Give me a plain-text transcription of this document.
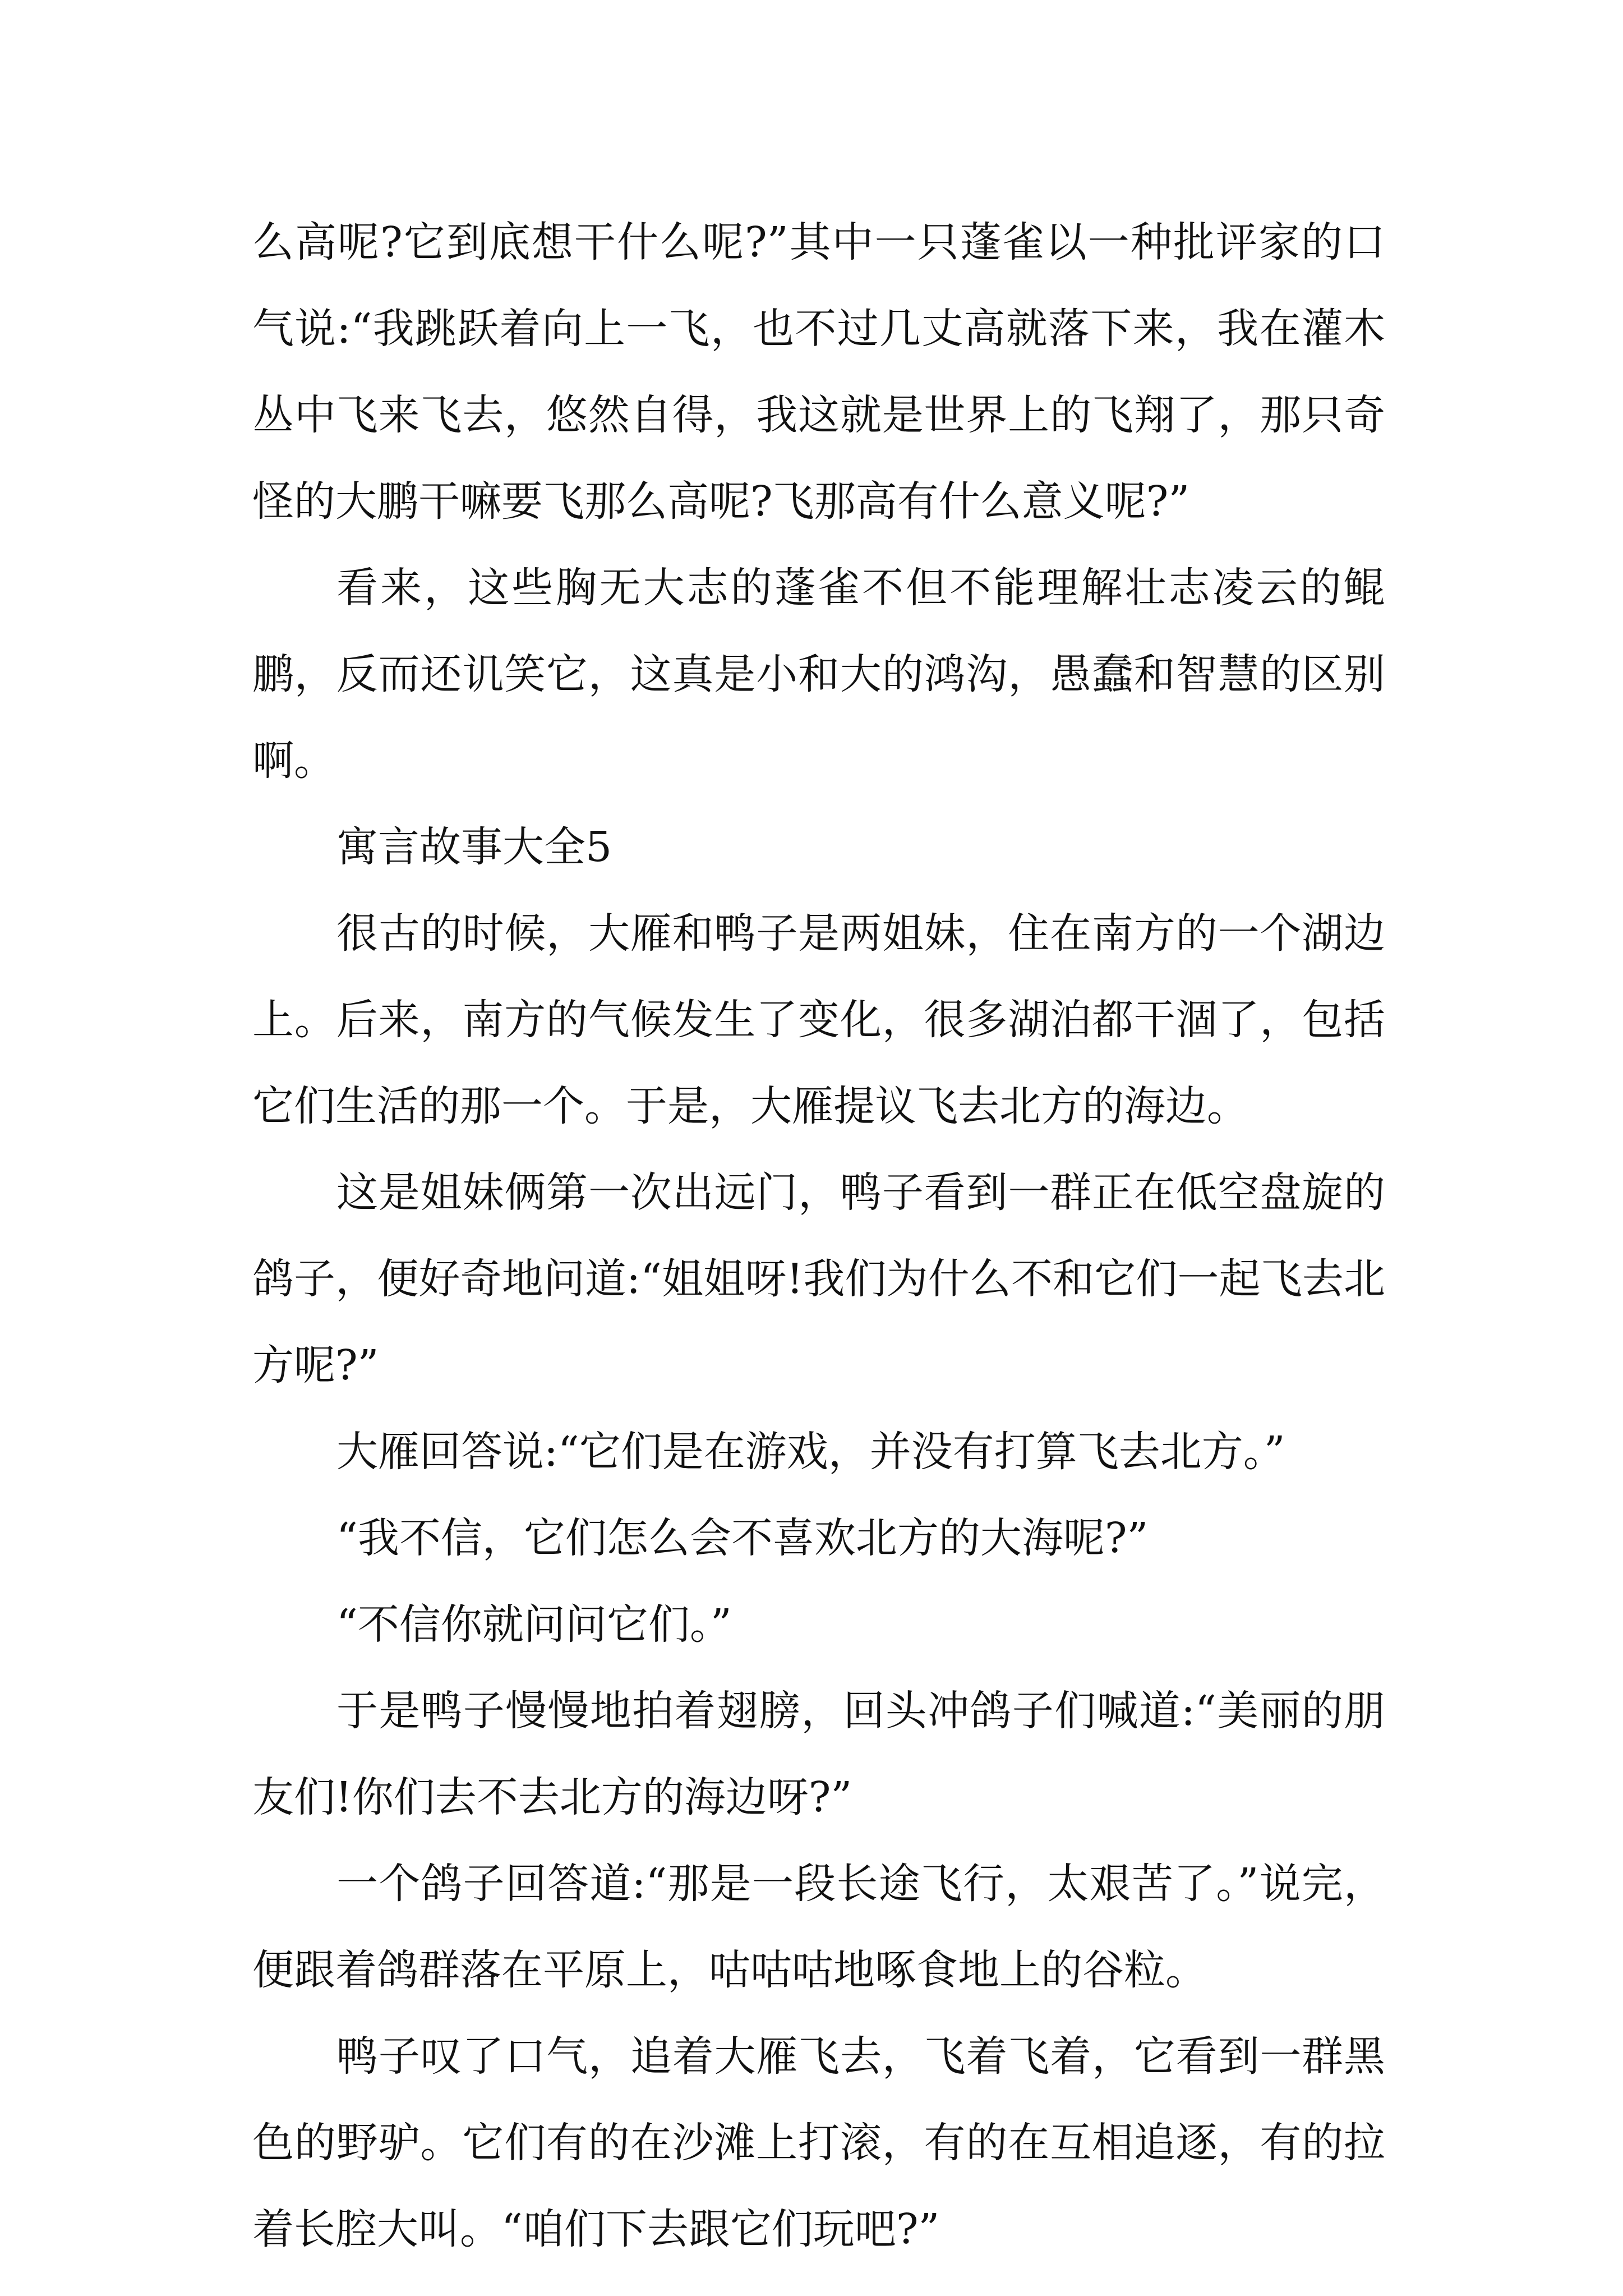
么高呢?它到底想干什么呢?”其中一只蓬雀以一种批评家的口气说:“我跳跃着向上一飞，也不过几丈高就落下来，我在灌木丛中飞来飞去，悠然自得，我这就是世界上的飞翔了，那只奇怪的大鹏干嘛要飞那么高呢?飞那高有什么意义呢?”

看来，这些胸无大志的蓬雀不但不能理解壮志凌云的鲲鹏，反而还讥笑它，这真是小和大的鸿沟，愚蠢和智慧的区别啊。

寓言故事大全5

很古的时候，大雁和鸭子是两姐妹，住在南方的一个湖边上。后来，南方的气候发生了变化，很多湖泊都干涸了，包括它们生活的那一个。于是，大雁提议飞去北方的海边。

这是姐妹俩第一次出远门，鸭子看到一群正在低空盘旋的鸽子，便好奇地问道:“姐姐呀!我们为什么不和它们一起飞去北方呢?”

大雁回答说:“它们是在游戏，并没有打算飞去北方。”

“我不信，它们怎么会不喜欢北方的大海呢?”

“不信你就问问它们。”

于是鸭子慢慢地拍着翅膀，回头冲鸽子们喊道:“美丽的朋友们!你们去不去北方的海边呀?”

一个鸽子回答道:“那是一段长途飞行，太艰苦了。”说完，便跟着鸽群落在平原上，咕咕咕地啄食地上的谷粒。

鸭子叹了口气，追着大雁飞去，飞着飞着，它看到一群黑色的野驴。它们有的在沙滩上打滚，有的在互相追逐，有的拉着长腔大叫。“咱们下去跟它们玩吧?”
